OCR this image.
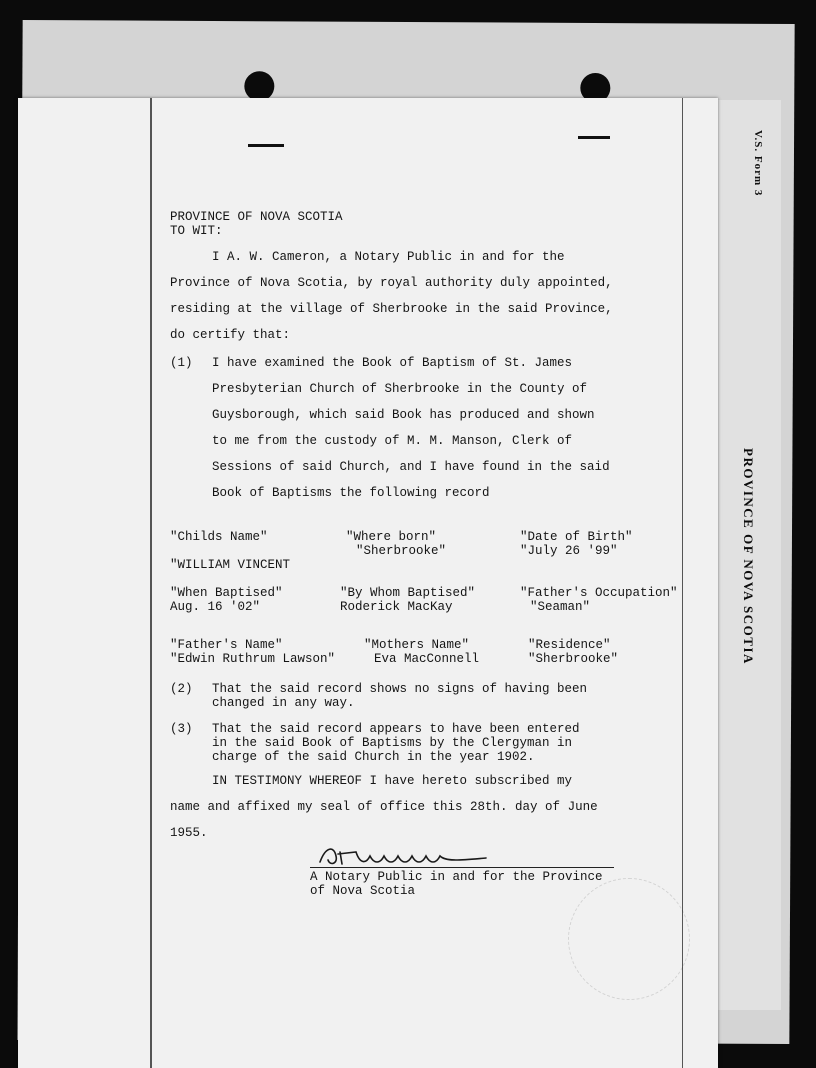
V.S. Form 3
PROVINCE OF NOVA SCOTIA
PROVINCE OF NOVA SCOTIA
TO WIT:
I A. W. Cameron, a Notary Public in and for the
Province of Nova Scotia, by royal authority duly appointed,
residing at the village of Sherbrooke in the said Province,
do certify that:
(1) I have examined the Book of Baptism of St. James
Presbyterian Church of Sherbrooke in the County of
Guysborough, which said Book has produced and shown
to me from the custody of M. M. Manson, Clerk of
Sessions of said Church, and I have found in the said
Book of Baptisms the following record
"Childs Name"
"WILLIAM VINCENT
"Where born"
"Sherbrooke"
"Date of Birth"
"July 26 '99"
"When Baptised"
Aug. 16 '02"
"By Whom Baptised"
Roderick MacKay
"Father's Occupation"
"Seaman"
"Father's Name"
"Edwin Ruthrum Lawson"
"Mothers Name"
Eva MacConnell
"Residence"
"Sherbrooke"
(2) That the said record shows no signs of having been
changed in any way.
(3) That the said record appears to have been entered
in the said Book of Baptisms by the Clergyman in
charge of the said Church in the year 1902.
IN TESTIMONY WHEREOF I have hereto subscribed my
name and affixed my seal of office this 28th. day of June
1955.
A Notary Public in and for the Province
of Nova Scotia
